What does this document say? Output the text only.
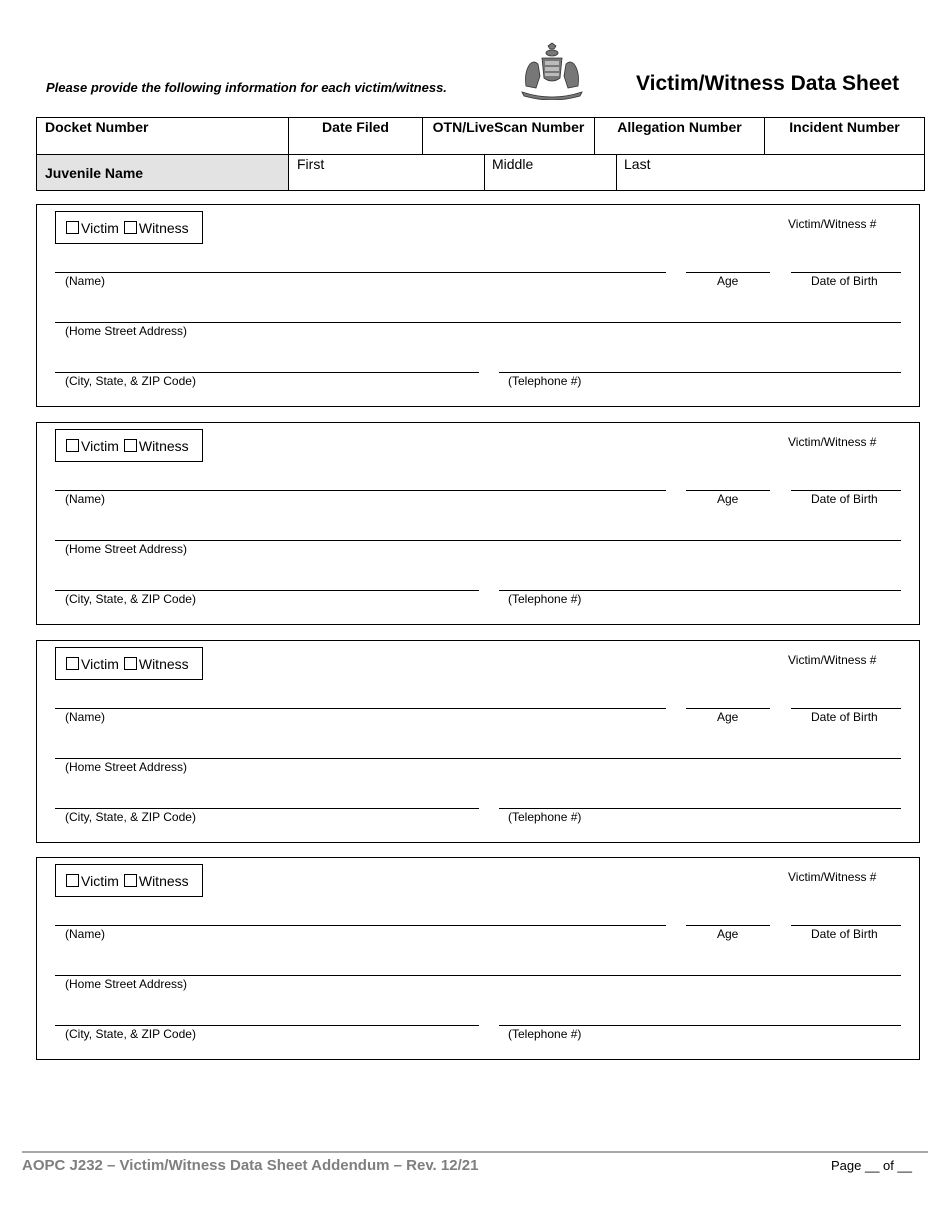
Please provide the following information for each victim/witness.	Victim/Witness Data Sheet
Docket Number	Date Filed	OTN/LiveScan Number	Allegation Number	Incident Number
Juvenile Name	First Middle Last			
Victim Witness	Victim/Witness #
(Name)	Age	Date of Birth
(Home Street Address)
(City, State, & ZIP Code)	(Telephone #)
Victim Witness	Victim/Witness #
(Name)	Age	Date of Birth
(Home Street Address)
(City, State, & ZIP Code)	(Telephone #)
Victim Witness	Victim/Witness #
(Name)	Age	Date of Birth
(Home Street Address)
(City, State, & ZIP Code)	(Telephone #)
Victim Witness	Victim/Witness #
(Name)	Age	Date of Birth
(Home Street Address)
(City, State, & ZIP Code)	(Telephone #)
AOPC J232 – Victim/Witness Data Sheet Addendum – Rev. 12/21	Page __ of __
